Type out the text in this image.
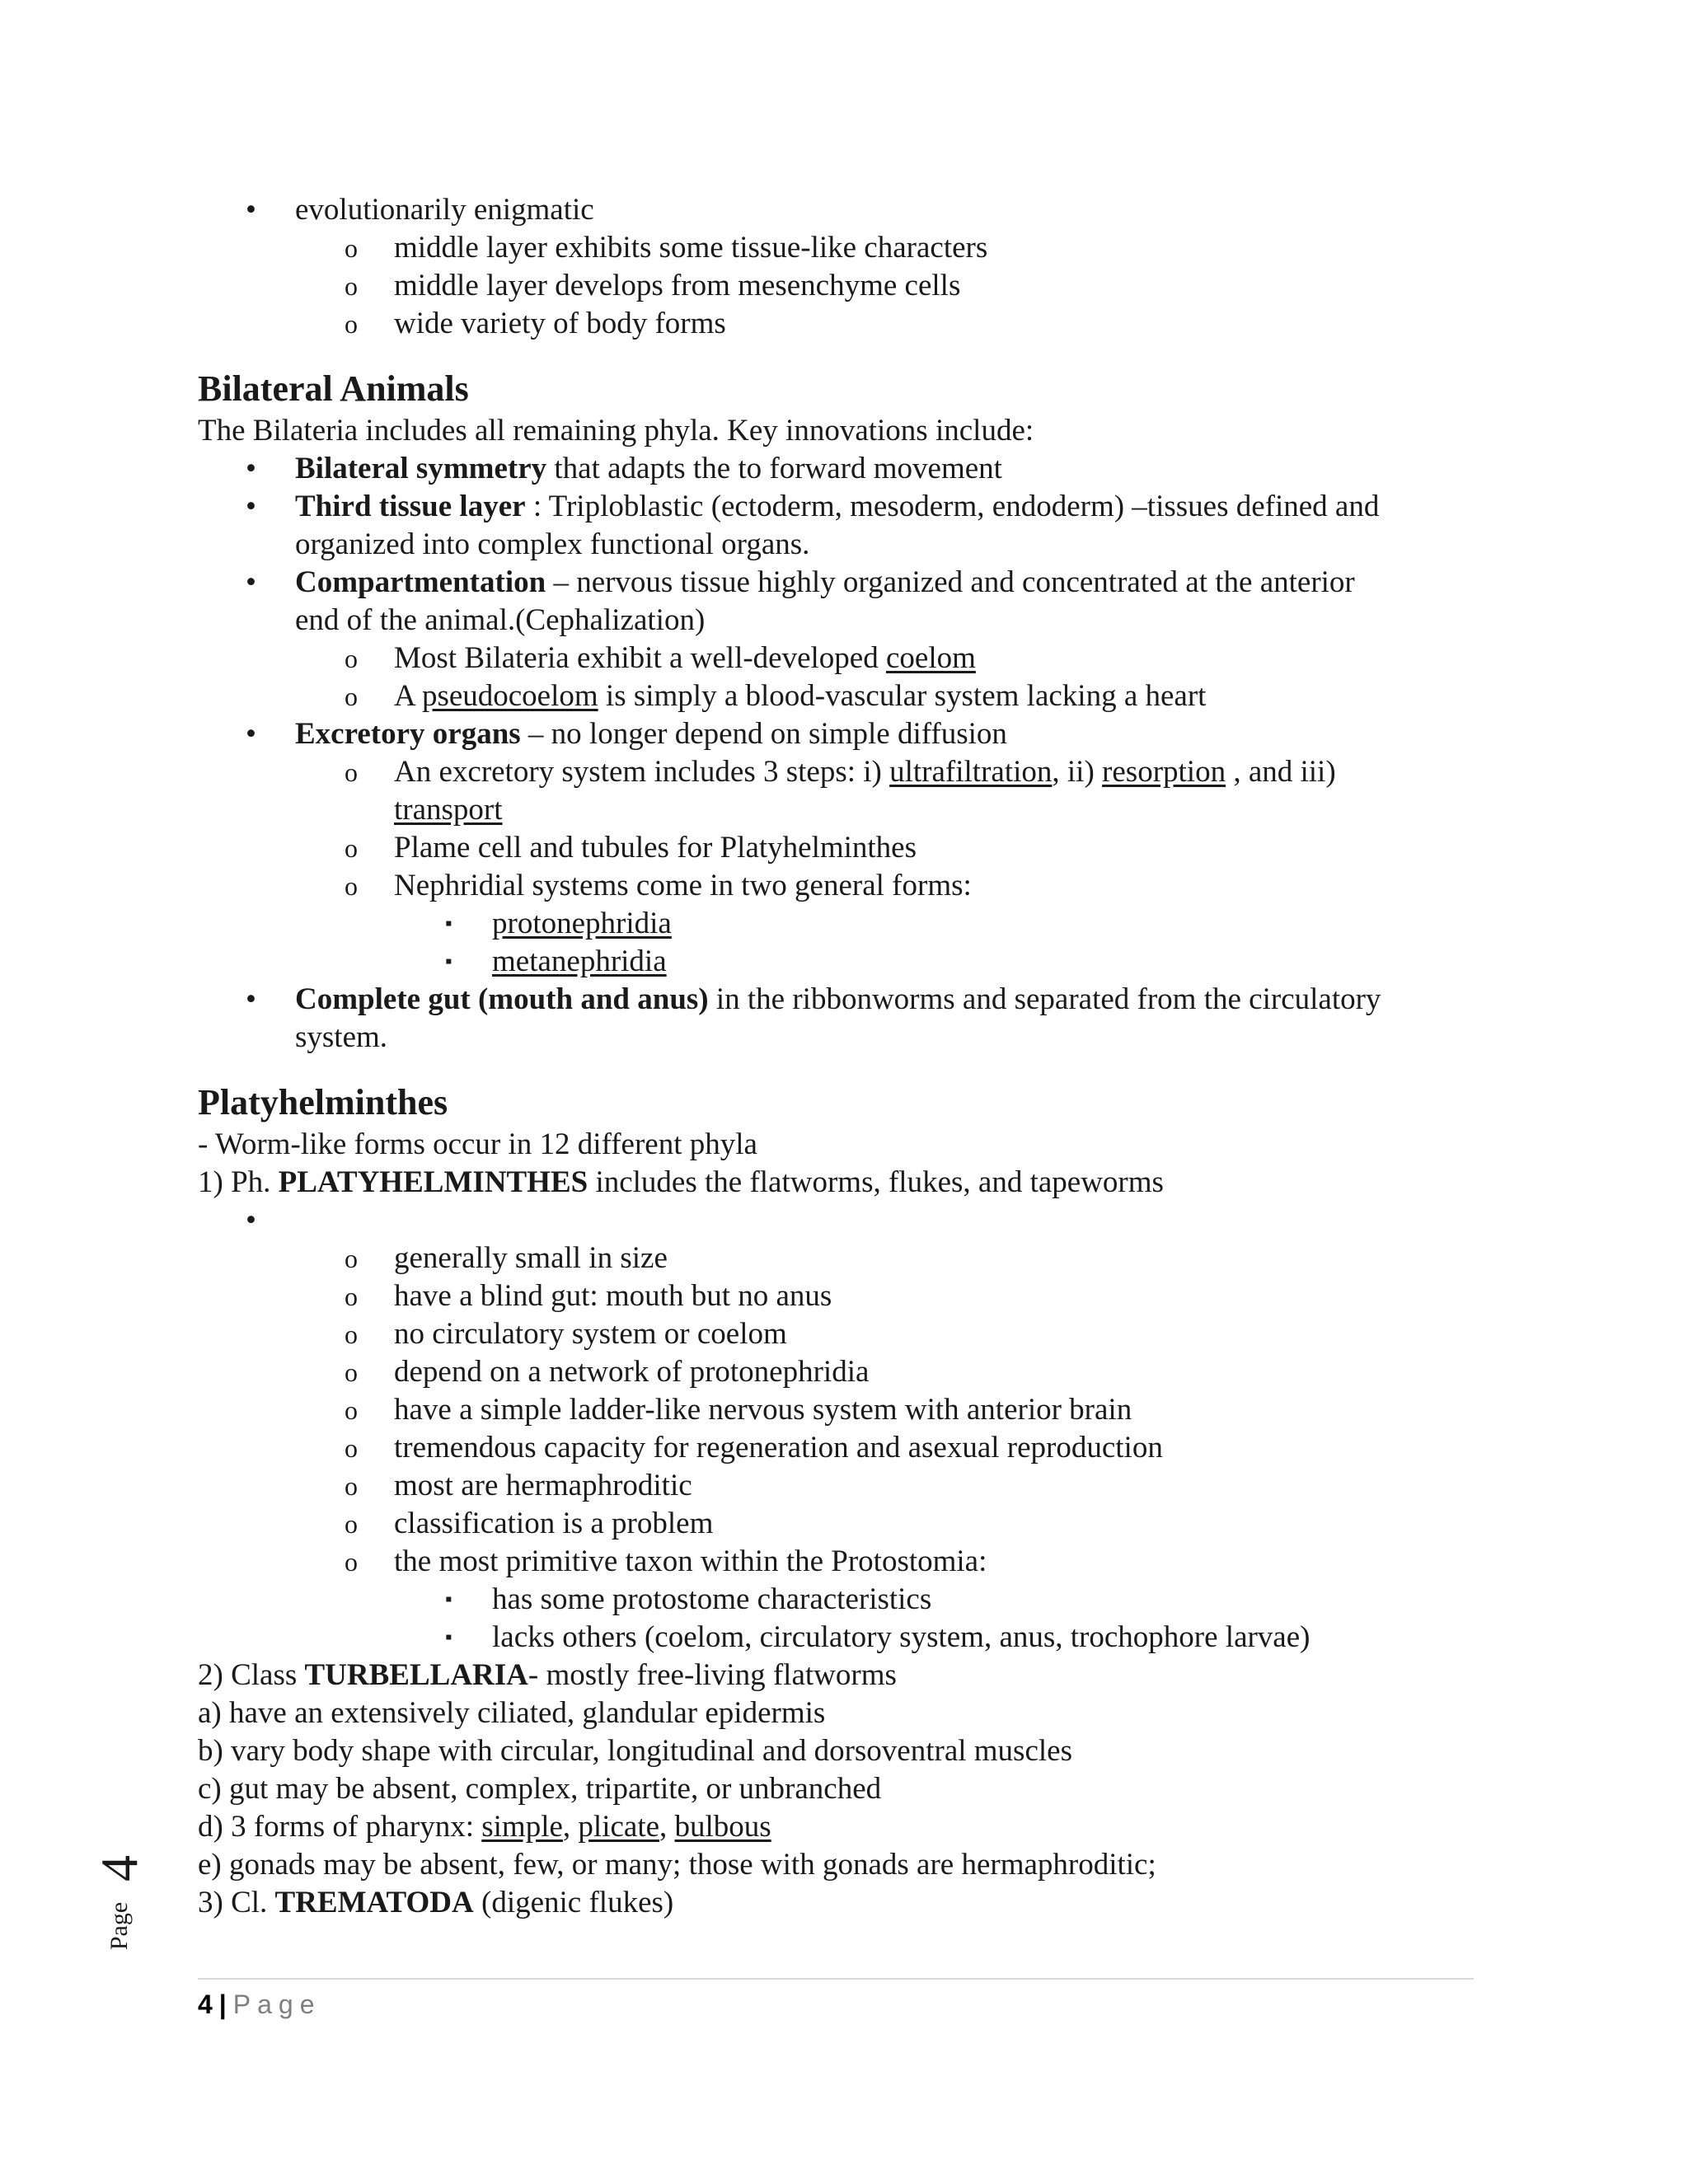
• evolutionarily enigmatic
o middle layer exhibits some tissue-like characters
o middle layer develops from mesenchyme cells
o wide variety of body forms
Bilateral Animals
The Bilateria includes all remaining phyla. Key innovations include:
• Bilateral symmetry that adapts the to forward movement
• Third tissue layer : Triploblastic (ectoderm, mesoderm, endoderm) –tissues defined and
organized into complex functional organs.
• Compartmentation – nervous tissue highly organized and concentrated at the anterior
end of the animal.(Cephalization)
o Most Bilateria exhibit a well-developed coelom
o A pseudocoelom is simply a blood-vascular system lacking a heart
• Excretory organs – no longer depend on simple diffusion
o An excretory system includes 3 steps: i) ultrafiltration, ii) resorption , and iii)
transport
o Plame cell and tubules for Platyhelminthes
o Nephridial systems come in two general forms:
▪ protonephridia
▪ metanephridia
• Complete gut (mouth and anus) in the ribbonworms and separated from the circulatory
system.
Platyhelminthes
- Worm-like forms occur in 12 different phyla
1) Ph. PLATYHELMINTHES includes the flatworms, flukes, and tapeworms
•
o generally small in size
o have a blind gut: mouth but no anus
o no circulatory system or coelom
o depend on a network of protonephridia
o have a simple ladder-like nervous system with anterior brain
o tremendous capacity for regeneration and asexual reproduction
o most are hermaphroditic
o classification is a problem
o the most primitive taxon within the Protostomia:
▪ has some protostome characteristics
▪ lacks others (coelom, circulatory system, anus, trochophore larvae)
2) Class TURBELLARIA- mostly free-living flatworms
a) have an extensively ciliated, glandular epidermis
b) vary body shape with circular, longitudinal and dorsoventral muscles
c) gut may be absent, complex, tripartite, or unbranched
d) 3 forms of pharynx: simple, plicate, bulbous
e) gonads may be absent, few, or many; those with gonads are hermaphroditic;
3) Cl. TREMATODA (digenic flukes)
4
Page
4 | Page
